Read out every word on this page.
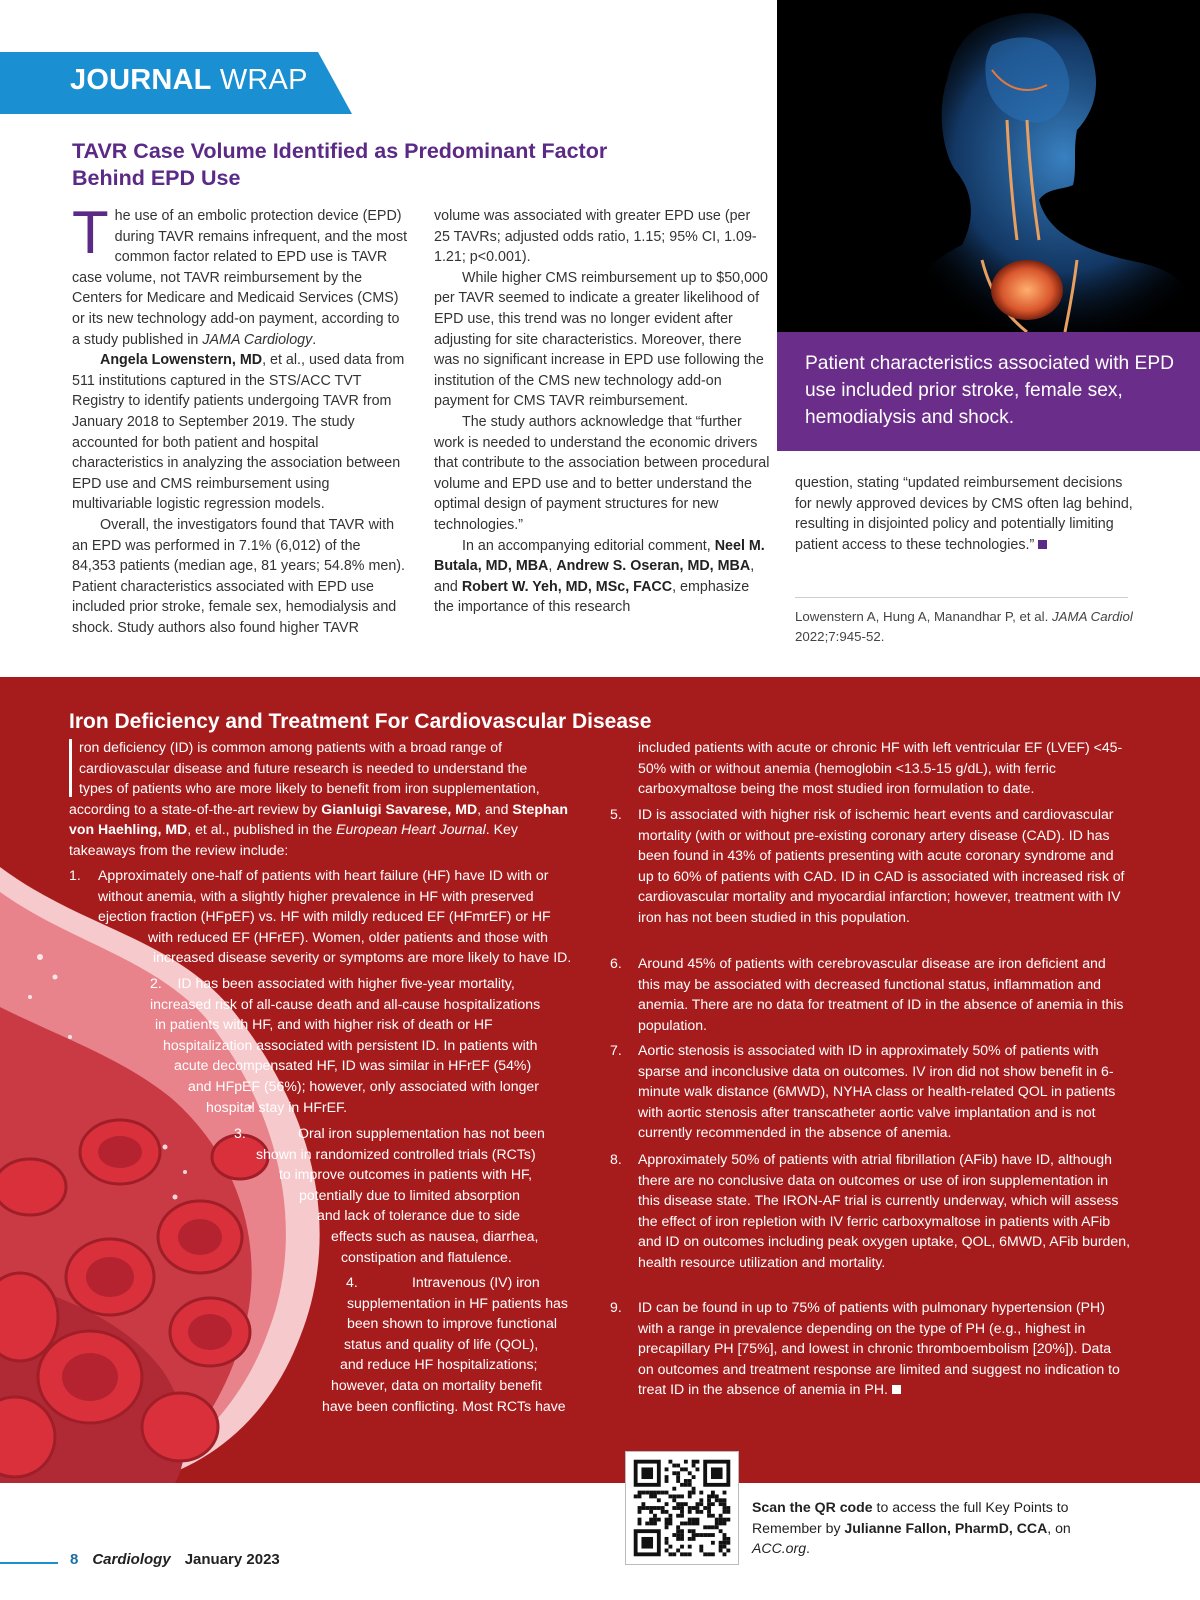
JOURNAL WRAP
TAVR Case Volume Identified as Predominant Factor Behind EPD Use

The use of an embolic protection device (EPD) during TAVR remains infrequent, and the most common factor related to EPD use is TAVR case volume, not TAVR reimbursement by the Centers for Medicare and Medicaid Services (CMS) or its new technology add-on payment, according to a study published in JAMA Cardiology.

Angela Lowenstern, MD, et al., used data from 511 institutions captured in the STS/ACC TVT Registry to identify patients undergoing TAVR from January 2018 to September 2019. The study accounted for both patient and hospital characteristics in analyzing the association between EPD use and CMS reimbursement using multivariable logistic regression models.

Overall, the investigators found that TAVR with an EPD was performed in 7.1% (6,012) of the 84,353 patients (median age, 81 years; 54.8% men). Patient characteristics associated with EPD use included prior stroke, female sex, hemodialysis and shock. Study authors also found higher TAVR

volume was associated with greater EPD use (per 25 TAVRs; adjusted odds ratio, 1.15; 95% CI, 1.09-1.21; p<0.001).

While higher CMS reimbursement up to $50,000 per TAVR seemed to indicate a greater likelihood of EPD use, this trend was no longer evident after adjusting for site characteristics. Moreover, there was no significant increase in EPD use following the institution of the CMS new technology add-on payment for CMS TAVR reimbursement.

The study authors acknowledge that “further work is needed to understand the economic drivers that contribute to the association between procedural volume and EPD use and to better understand the optimal design of payment structures for new technologies.”

In an accompanying editorial comment, Neel M. Butala, MD, MBA, Andrew S. Oseran, MD, MBA, and Robert W. Yeh, MD, MSc, FACC, emphasize the importance of this research

Patient characteristics associated with EPD use included prior stroke, female sex, hemodialysis and shock.

question, stating “updated reimbursement decisions for newly approved devices by CMS often lag behind, resulting in disjointed policy and potentially limiting patient access to these technologies.”

Lowenstern A, Hung A, Manandhar P, et al. JAMA Cardiol 2022;7:945-52.
Iron Deficiency and Treatment For Cardiovascular Disease
ron deficiency (ID) is common among patients with a broad range of
cardiovascular disease and future research is needed to understand the
types of patients who are more likely to benefit from iron supplementation,
according to a state-of-the-art review by Gianluigi Savarese, MD, and Stephan
von Haehling, MD, et al., published in the European Heart Journal. Key
takeaways from the review include:
1. Approximately one-half of patients with heart failure (HF) have ID with or
without anemia, with a slightly higher prevalence in HF with preserved
ejection fraction (HFpEF) vs. HF with mildly reduced EF (HFmrEF) or HF
with reduced EF (HFrEF). Women, older patients and those with
increased disease severity or symptoms are more likely to have ID.
2. ID has been associated with higher five-year mortality,
increased risk of all-cause death and all-cause hospitalizations
in patients with HF, and with higher risk of death or HF
hospitalization associated with persistent ID. In patients with
acute decompensated HF, ID was similar in HFrEF (54%)
and HFpEF (56%); however, only associated with longer
hospital stay in HFrEF.
3.	Oral iron supplementation has not been
shown in randomized controlled trials (RCTs)
to improve outcomes in patients with HF,
potentially due to limited absorption
and lack of tolerance due to side
effects such as nausea, diarrhea,
constipation and flatulence.
4.	Intravenous (IV) iron
supplementation in HF patients has
been shown to improve functional
status and quality of life (QOL),
and reduce HF hospitalizations;
however, data on mortality benefit
have been conflicting. Most RCTs have
included patients with acute or chronic HF with left ventricular EF (LVEF) <45-50% with or without anemia (hemoglobin <13.5-15 g/dL), with ferric carboxymaltose being the most studied iron formulation to date.
5. ID is associated with higher risk of ischemic heart events and cardiovascular mortality (with or without pre-existing coronary artery disease (CAD). ID has been found in 43% of patients presenting with acute coronary syndrome and up to 60% of patients with CAD. ID in CAD is associated with increased risk of cardiovascular mortality and myocardial infarction; however, treatment with IV iron has not been studied in this population.
6. Around 45% of patients with cerebrovascular disease are iron deficient and this may be associated with decreased functional status, inflammation and anemia. There are no data for treatment of ID in the absence of anemia in this population.
7. Aortic stenosis is associated with ID in approximately 50% of patients with sparse and inconclusive data on outcomes. IV iron did not show benefit in 6-minute walk distance (6MWD), NYHA class or health-related QOL in patients with aortic stenosis after transcatheter aortic valve implantation and is not currently recommended in the absence of anemia.
8. Approximately 50% of patients with atrial fibrillation (AFib) have ID, although there are no conclusive data on outcomes or use of iron supplementation in this disease state. The IRON-AF trial is currently underway, which will assess the effect of iron repletion with IV ferric carboxymaltose in patients with AFib and ID on outcomes including peak oxygen uptake, QOL, 6MWD, AFib burden, health resource utilization and mortality.
9. ID can be found in up to 75% of patients with pulmonary hypertension (PH) with a range in prevalence depending on the type of PH (e.g., highest in precapillary PH [75%], and lowest in chronic thromboembolism [20%]). Data on outcomes and treatment response are limited and suggest no indication to treat ID in the absence of anemia in PH.
Scan the QR code to access the full Key Points to Remember by Julianne Fallon, PharmD, CCA, on ACC.org.
8 Cardiology January 2023
